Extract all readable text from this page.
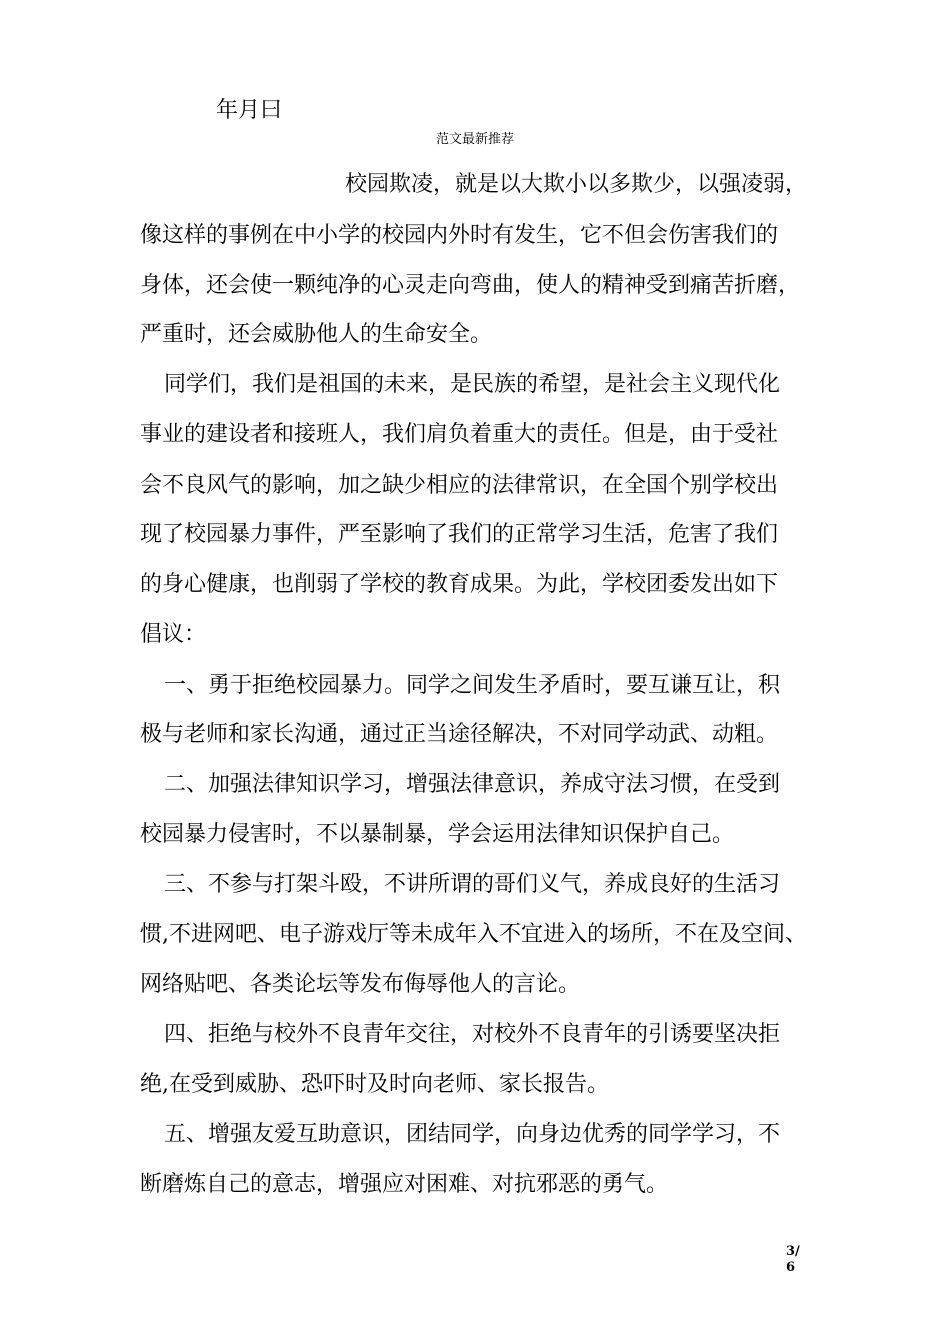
年月曰
范文最新推荐
校园欺凌，就是以大欺小以多欺少，以强凌弱，
像这样的事例在中小学的校园内外时有发生，它不但会伤害我们的
身体，还会使一颗纯净的心灵走向弯曲，使人的精神受到痛苦折磨，
严重时，还会威胁他人的生命安全。
同学们，我们是祖国的未来，是民族的希望，是社会主义现代化
事业的建设者和接班人，我们肩负着重大的责任。但是，由于受社
会不良风气的影响，加之缺少相应的法律常识，在全国个别学校出
现了校园暴力事件，严至影响了我们的正常学习生活，危害了我们
的身心健康，也削弱了学校的教育成果。为此，学校团委发出如下
倡议：
一、勇于拒绝校园暴力。同学之间发生矛盾时，要互谦互让，积
极与老师和家长沟通，通过正当途径解决，不对同学动武、动粗。
二、加强法律知识学习，增强法律意识，养成守法习惯，在受到
校园暴力侵害时，不以暴制暴，学会运用法律知识保护自己。
三、不参与打架斗殴，不讲所谓的哥们义气，养成良好的生活习
惯,不进网吧、电子游戏厅等未成年入不宜进入的场所，不在及空间、
网络贴吧、各类论坛等发布侮辱他人的言论。
四、拒绝与校外不良青年交往，对校外不良青年的引诱要坚决拒
绝,在受到威胁、恐吓时及时向老师、家长报告。
五、增强友爱互助意识，团结同学，向身边优秀的同学学习，不
断磨炼自己的意志，增强应对困难、对抗邪恶的勇气。
3/
6
